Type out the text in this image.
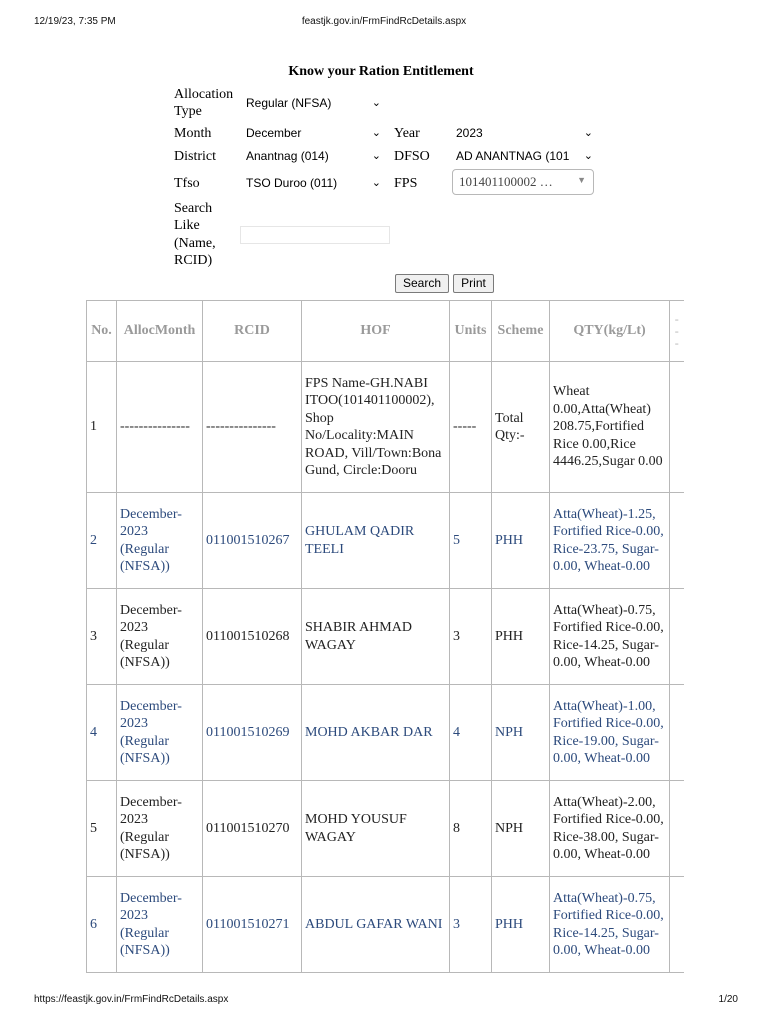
12/19/23, 7:35 PM	feastjk.gov.in/FrmFindRcDetails.aspx
Know your Ration Entitlement
Allocation
Type
Regular (NFSA)	⌄
Month	December	⌄ Year	2023	⌄
District	Anantnag (014)	⌄ DFSO	AD ANANTNAG (101 ⌄
Tfso	TSO Duroo (011)	⌄ FPS	101401100002 …	▼
Search
Like
(Name,
RCID)
Search	Print
No.	AllocMonth	RCID	HOF	Units	Scheme	QTY(kg/Lt)	-
-
-

1	---------------	---------------	FPS Name-GH.NABI ITOO(101401100002), Shop No/Locality:MAIN ROAD, Vill/Town:Bona Gund, Circle:Dooru	-----	Total Qty:-	Wheat 0.00,Atta(Wheat) 208.75,Fortified Rice 0.00,Rice 4446.25,Sugar 0.00	
2	December-2023 (Regular (NFSA))	011001510267	GHULAM QADIR TEELI	5	PHH	Atta(Wheat)-1.25, Fortified Rice-0.00, Rice-23.75, Sugar-0.00, Wheat-0.00	
3	December-2023 (Regular (NFSA))	011001510268	SHABIR AHMAD WAGAY	3	PHH	Atta(Wheat)-0.75, Fortified Rice-0.00, Rice-14.25, Sugar-0.00, Wheat-0.00	
4	December-2023 (Regular (NFSA))	011001510269	MOHD AKBAR DAR	4	NPH	Atta(Wheat)-1.00, Fortified Rice-0.00, Rice-19.00, Sugar-0.00, Wheat-0.00	
5	December-2023 (Regular (NFSA))	011001510270	MOHD YOUSUF WAGAY	8	NPH	Atta(Wheat)-2.00, Fortified Rice-0.00, Rice-38.00, Sugar-0.00, Wheat-0.00	
6	December-2023 (Regular (NFSA))	011001510271	ABDUL GAFAR WANI	3	PHH	Atta(Wheat)-0.75, Fortified Rice-0.00, Rice-14.25, Sugar-0.00, Wheat-0.00	
https://feastjk.gov.in/FrmFindRcDetails.aspx	1/20
